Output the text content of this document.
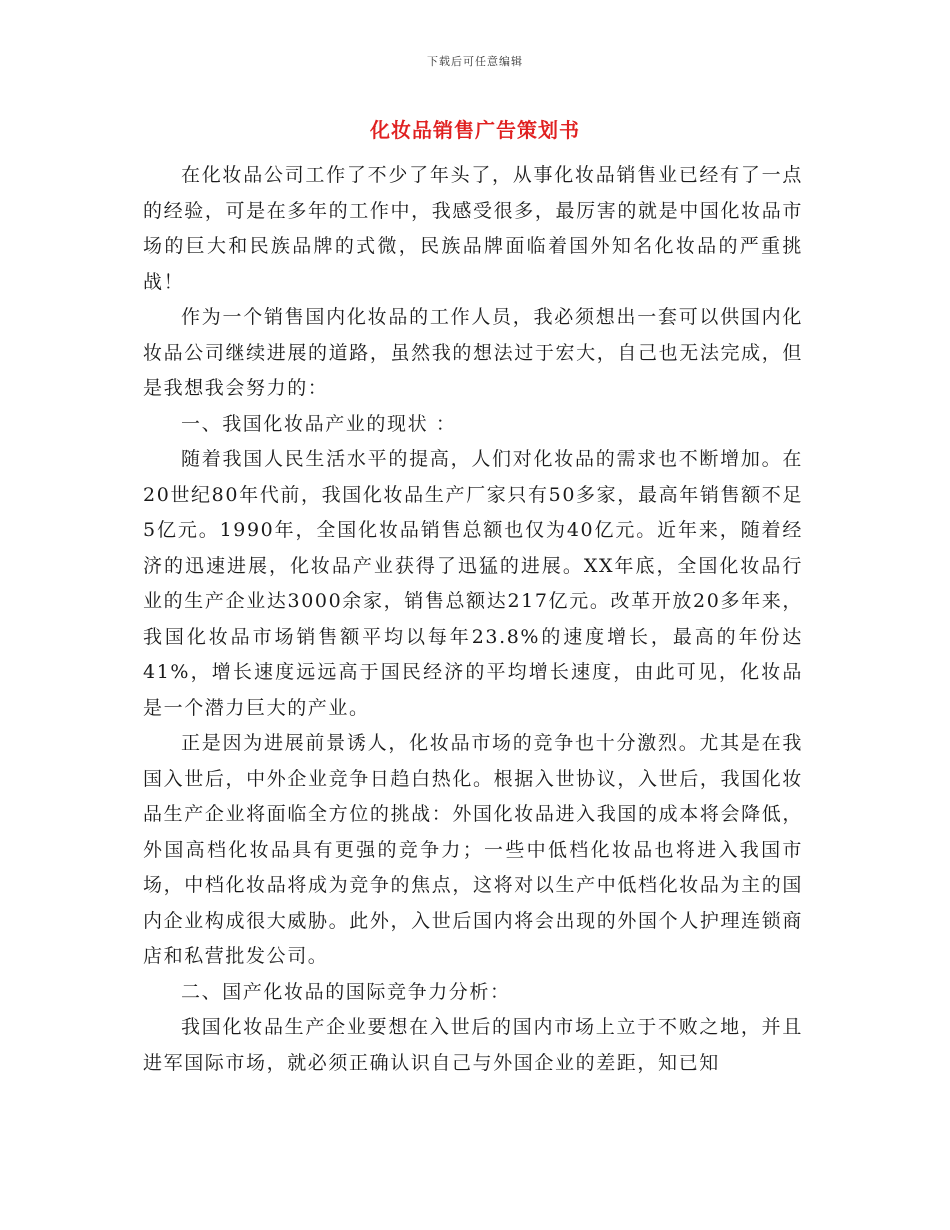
下载后可任意编辑
化妆品销售广告策划书

在化妆品公司工作了不少了年头了，从事化妆品销售业已经有了一点的经验，可是在多年的工作中，我感受很多，最厉害的就是中国化妆品市场的巨大和民族品牌的式微，民族品牌面临着国外知名化妆品的严重挑战！

作为一个销售国内化妆品的工作人员，我必须想出一套可以供国内化妆品公司继续进展的道路，虽然我的想法过于宏大，自己也无法完成，但是我想我会努力的：

一、我国化妆品产业的现状 ：

随着我国人民生活水平的提高，人们对化妆品的需求也不断增加。在20世纪80年代前，我国化妆品生产厂家只有50多家，最高年销售额不足5亿元。1990年，全国化妆品销售总额也仅为40亿元。近年来，随着经济的迅速进展，化妆品产业获得了迅猛的进展。XX年底，全国化妆品行业的生产企业达3000余家，销售总额达217亿元。改革开放20多年来，我国化妆品市场销售额平均以每年23.8%的速度增长，最高的年份达41%，增长速度远远高于国民经济的平均增长速度，由此可见，化妆品是一个潜力巨大的产业。

正是因为进展前景诱人，化妆品市场的竞争也十分激烈。尤其是在我国入世后，中外企业竞争日趋白热化。根据入世协议，入世后，我国化妆品生产企业将面临全方位的挑战：外国化妆品进入我国的成本将会降低，外国高档化妆品具有更强的竞争力；一些中低档化妆品也将进入我国市场，中档化妆品将成为竞争的焦点，这将对以生产中低档化妆品为主的国内企业构成很大威胁。此外，入世后国内将会出现的外国个人护理连锁商店和私营批发公司。

二、国产化妆品的国际竞争力分析：

我国化妆品生产企业要想在入世后的国内市场上立于不败之地，并且进军国际市场，就必须正确认识自己与外国企业的差距，知已知
